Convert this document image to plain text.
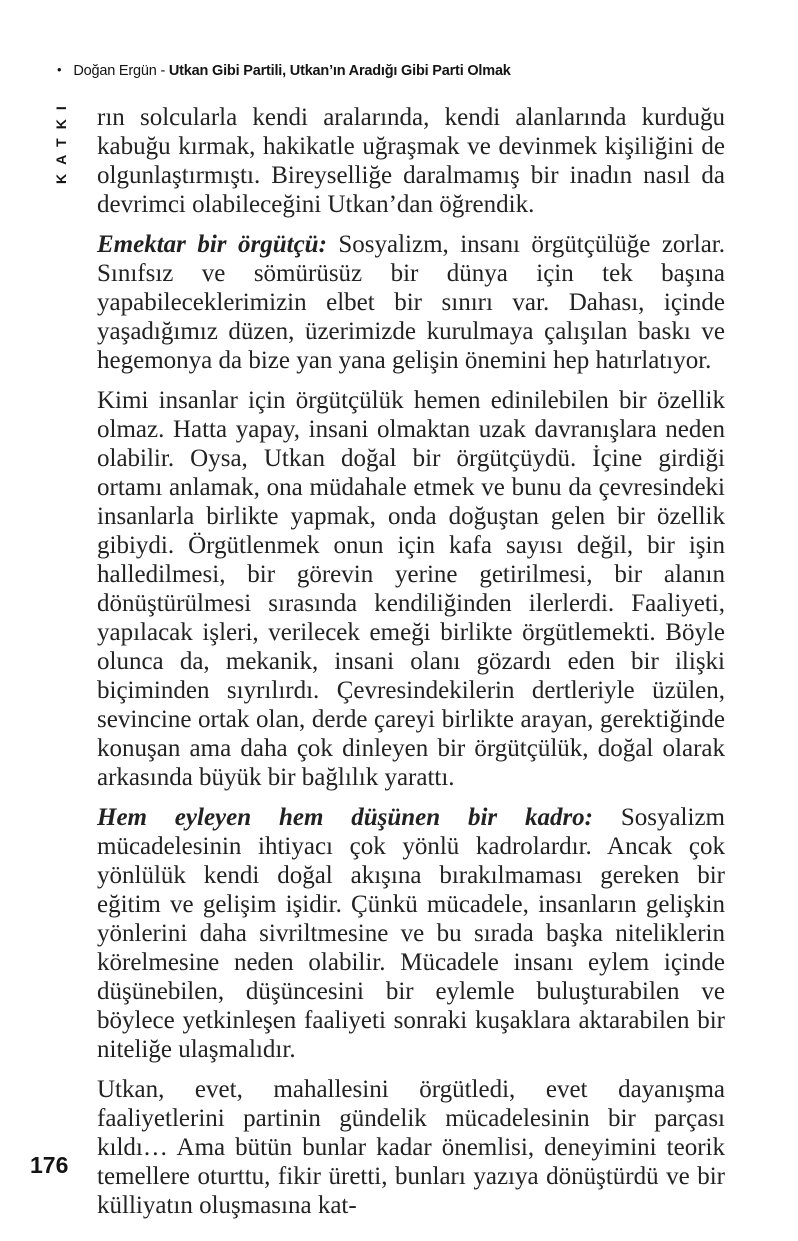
• Doğan Ergün - Utkan Gibi Partili, Utkan’ın Aradığı Gibi Parti Olmak
KATKI rın solcularla kendi aralarında, kendi alanlarında kurduğu kabuğu kırmak, hakikatle uğraşmak ve devinmek kişiliğini de olgunlaştırmıştı. Bireyselliğe daralmamış bir inadın nasıl da devrimci olabileceğini Utkan’dan öğrendik.

Emektar bir örgütçü: Sosyalizm, insanı örgütçülüğe zorlar. Sınıfsız ve sömürüsüz bir dünya için tek başına yapabileceklerimizin elbet bir sınırı var. Dahası, içinde yaşadığımız düzen, üzerimizde kurulmaya çalışılan baskı ve hegemonya da bize yan yana gelişin önemini hep hatırlatıyor.

Kimi insanlar için örgütçülük hemen edinilebilen bir özellik olmaz. Hatta yapay, insani olmaktan uzak davranışlara neden olabilir. Oysa, Utkan doğal bir örgütçüydü. İçine girdiği ortamı anlamak, ona müdahale etmek ve bunu da çevresindeki insanlarla birlikte yapmak, onda doğuştan gelen bir özellik gibiydi. Örgütlenmek onun için kafa sayısı değil, bir işin halledilmesi, bir görevin yerine getirilmesi, bir alanın dönüştürülmesi sırasında kendiliğinden ilerlerdi. Faaliyeti, yapılacak işleri, verilecek emeği birlikte örgütlemekti. Böyle olunca da, mekanik, insani olanı gözardı eden bir ilişki biçiminden sıyrılırdı. Çevresindekilerin dertleriyle üzülen, sevincine ortak olan, derde çareyi birlikte arayan, gerektiğinde konuşan ama daha çok dinleyen bir örgütçülük, doğal olarak arkasında büyük bir bağlılık yarattı.

Hem eyleyen hem düşünen bir kadro: Sosyalizm mücadelesinin ihtiyacı çok yönlü kadrolardır. Ancak çok yönlülük kendi doğal akışına bırakılmaması gereken bir eğitim ve gelişim işidir. Çünkü mücadele, insanların gelişkin yönlerini daha sivriltmesine ve bu sırada başka niteliklerin körelmesine neden olabilir. Mücadele insanı eylem içinde düşünebilen, düşüncesini bir eylemle buluşturabilen ve böylece yetkinleşen faaliyeti sonraki kuşaklara aktarabilen bir niteliğe ulaşmalıdır.

Utkan, evet, mahallesini örgütledi, evet dayanışma faaliyetlerini partinin gündelik mücadelesinin bir parçası kıldı… Ama bütün bunlar kadar önemlisi, deneyimini teorik temellere oturttu, fikir üretti, bunları yazıya dönüştürdü ve bir külliyatın oluşmasına kat-

176
